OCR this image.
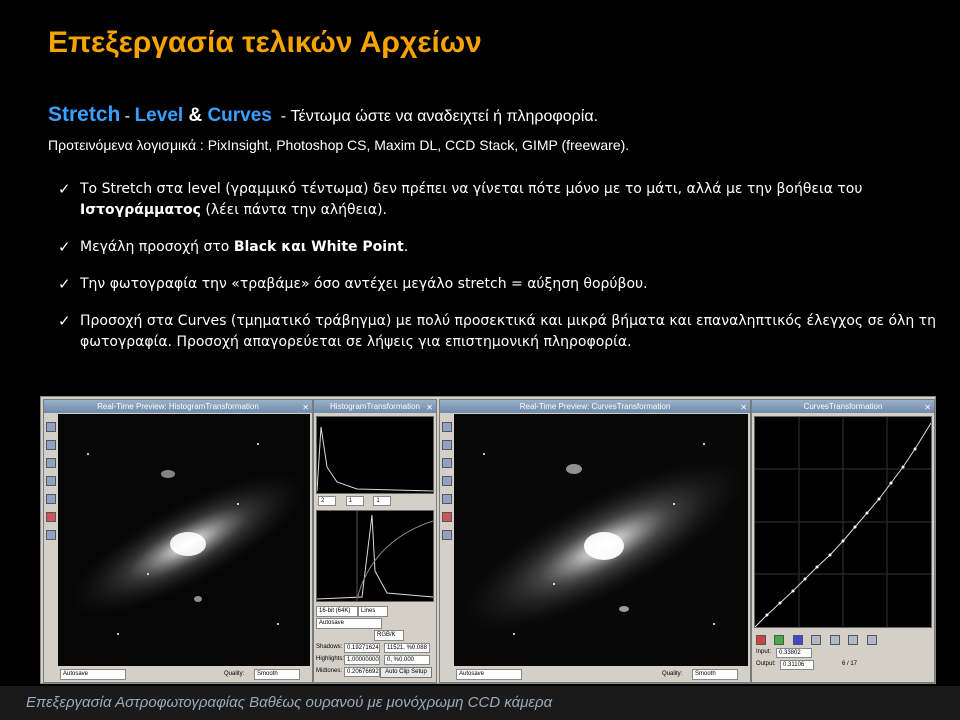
Επεξεργασία τελικών Αρχείων
Stretch - Level & Curves  - Τέντωμα ώστε να αναδειχτεί ή πληροφορία.
Προτεινόμενα λογισμικά : PixInsight, Photoshop CS, Maxim DL, CCD Stack, GIMP (freeware).
✓ Το Stretch στα level (γραμμικό τέντωμα) δεν πρέπει να γίνεται πότε μόνο με το μάτι, αλλά με την βοήθεια του Ιστογράμματος (λέει πάντα την αλήθεια).
✓ Μεγάλη προσοχή στο Black και White Point.
✓ Την φωτογραφία την «τραβάμε» όσο αντέχει μεγάλο stretch = αύξηση θορύβου.
✓ Προσοχή στα Curves (τμηματικό τράβηγμα) με πολύ προσεκτικά και μικρά βήματα και επαναληπτικός έλεγχος σε όλη τη φωτογραφία. Προσοχή απαγορεύεται σε λήψεις για επιστημονική πληροφορία.
Real-Time Preview: HistogramTransformation	✕
Autosave	Quality:	Smooth
HistogramTransformation ✕
2	1	1
16-bit (64K)	Lines
Autosave
RGB/K
Shadows: 0.19271624	11521, %0.088
Highlights: 1.00000000	0, %0.000
Midtones: 0.20676692	Auto Clip Setup
Real-Time Preview: CurvesTransformation	✕
Autosave	Quality:	Smooth
CurvesTransformation	✕

Input:	0.33802
Output:	0.31106	6 / 17
Επεξεργασία Αστροφωτογραφίας Βαθέως ουρανού με μονόχρωμη CCD κάμερα
